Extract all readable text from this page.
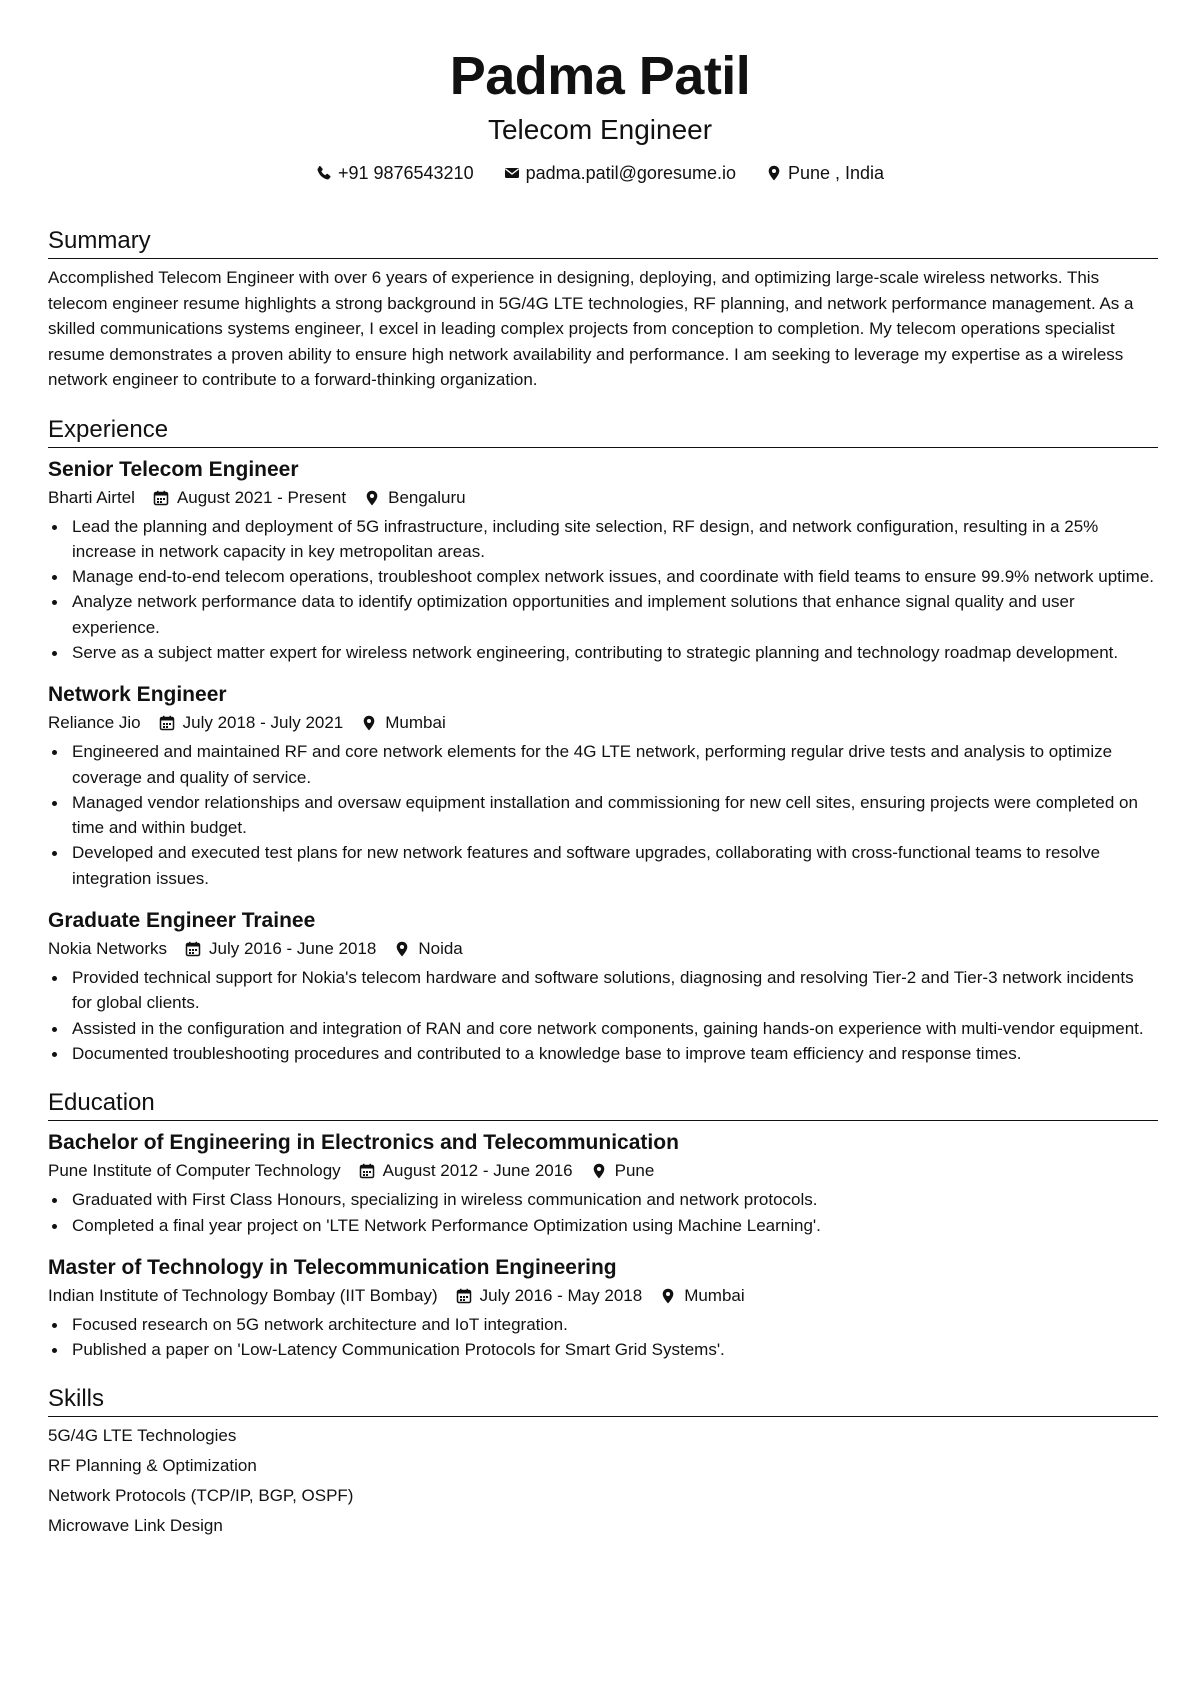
Padma Patil
Telecom Engineer
+91 9876543210	padma.patil@goresume.io	Pune , India
Summary
Accomplished Telecom Engineer with over 6 years of experience in designing, deploying, and optimizing large-scale wireless networks. This telecom engineer resume highlights a strong background in 5G/4G LTE technologies, RF planning, and network performance management. As a skilled communications systems engineer, I excel in leading complex projects from conception to completion. My telecom operations specialist resume demonstrates a proven ability to ensure high network availability and performance. I am seeking to leverage my expertise as a wireless network engineer to contribute to a forward-thinking organization.
Experience
Senior Telecom Engineer
Bharti Airtel August 2021 - Present Bengaluru
Lead the planning and deployment of 5G infrastructure, including site selection, RF design, and network configuration, resulting in a 25% increase in network capacity in key metropolitan areas.
Manage end-to-end telecom operations, troubleshoot complex network issues, and coordinate with field teams to ensure 99.9% network uptime.
Analyze network performance data to identify optimization opportunities and implement solutions that enhance signal quality and user experience.
Serve as a subject matter expert for wireless network engineering, contributing to strategic planning and technology roadmap development.
Network Engineer
Reliance Jio July 2018 - July 2021 Mumbai
Engineered and maintained RF and core network elements for the 4G LTE network, performing regular drive tests and analysis to optimize coverage and quality of service.
Managed vendor relationships and oversaw equipment installation and commissioning for new cell sites, ensuring projects were completed on time and within budget.
Developed and executed test plans for new network features and software upgrades, collaborating with cross-functional teams to resolve integration issues.
Graduate Engineer Trainee
Nokia Networks July 2016 - June 2018 Noida
Provided technical support for Nokia's telecom hardware and software solutions, diagnosing and resolving Tier-2 and Tier-3 network incidents for global clients.
Assisted in the configuration and integration of RAN and core network components, gaining hands-on experience with multi-vendor equipment.
Documented troubleshooting procedures and contributed to a knowledge base to improve team efficiency and response times.
Education
Bachelor of Engineering in Electronics and Telecommunication
Pune Institute of Computer Technology August 2012 - June 2016 Pune
Graduated with First Class Honours, specializing in wireless communication and network protocols.
Completed a final year project on 'LTE Network Performance Optimization using Machine Learning'.
Master of Technology in Telecommunication Engineering
Indian Institute of Technology Bombay (IIT Bombay) July 2016 - May 2018 Mumbai
Focused research on 5G network architecture and IoT integration.
Published a paper on 'Low-Latency Communication Protocols for Smart Grid Systems'.
Skills
5G/4G LTE Technologies
RF Planning & Optimization
Network Protocols (TCP/IP, BGP, OSPF)
Microwave Link Design
